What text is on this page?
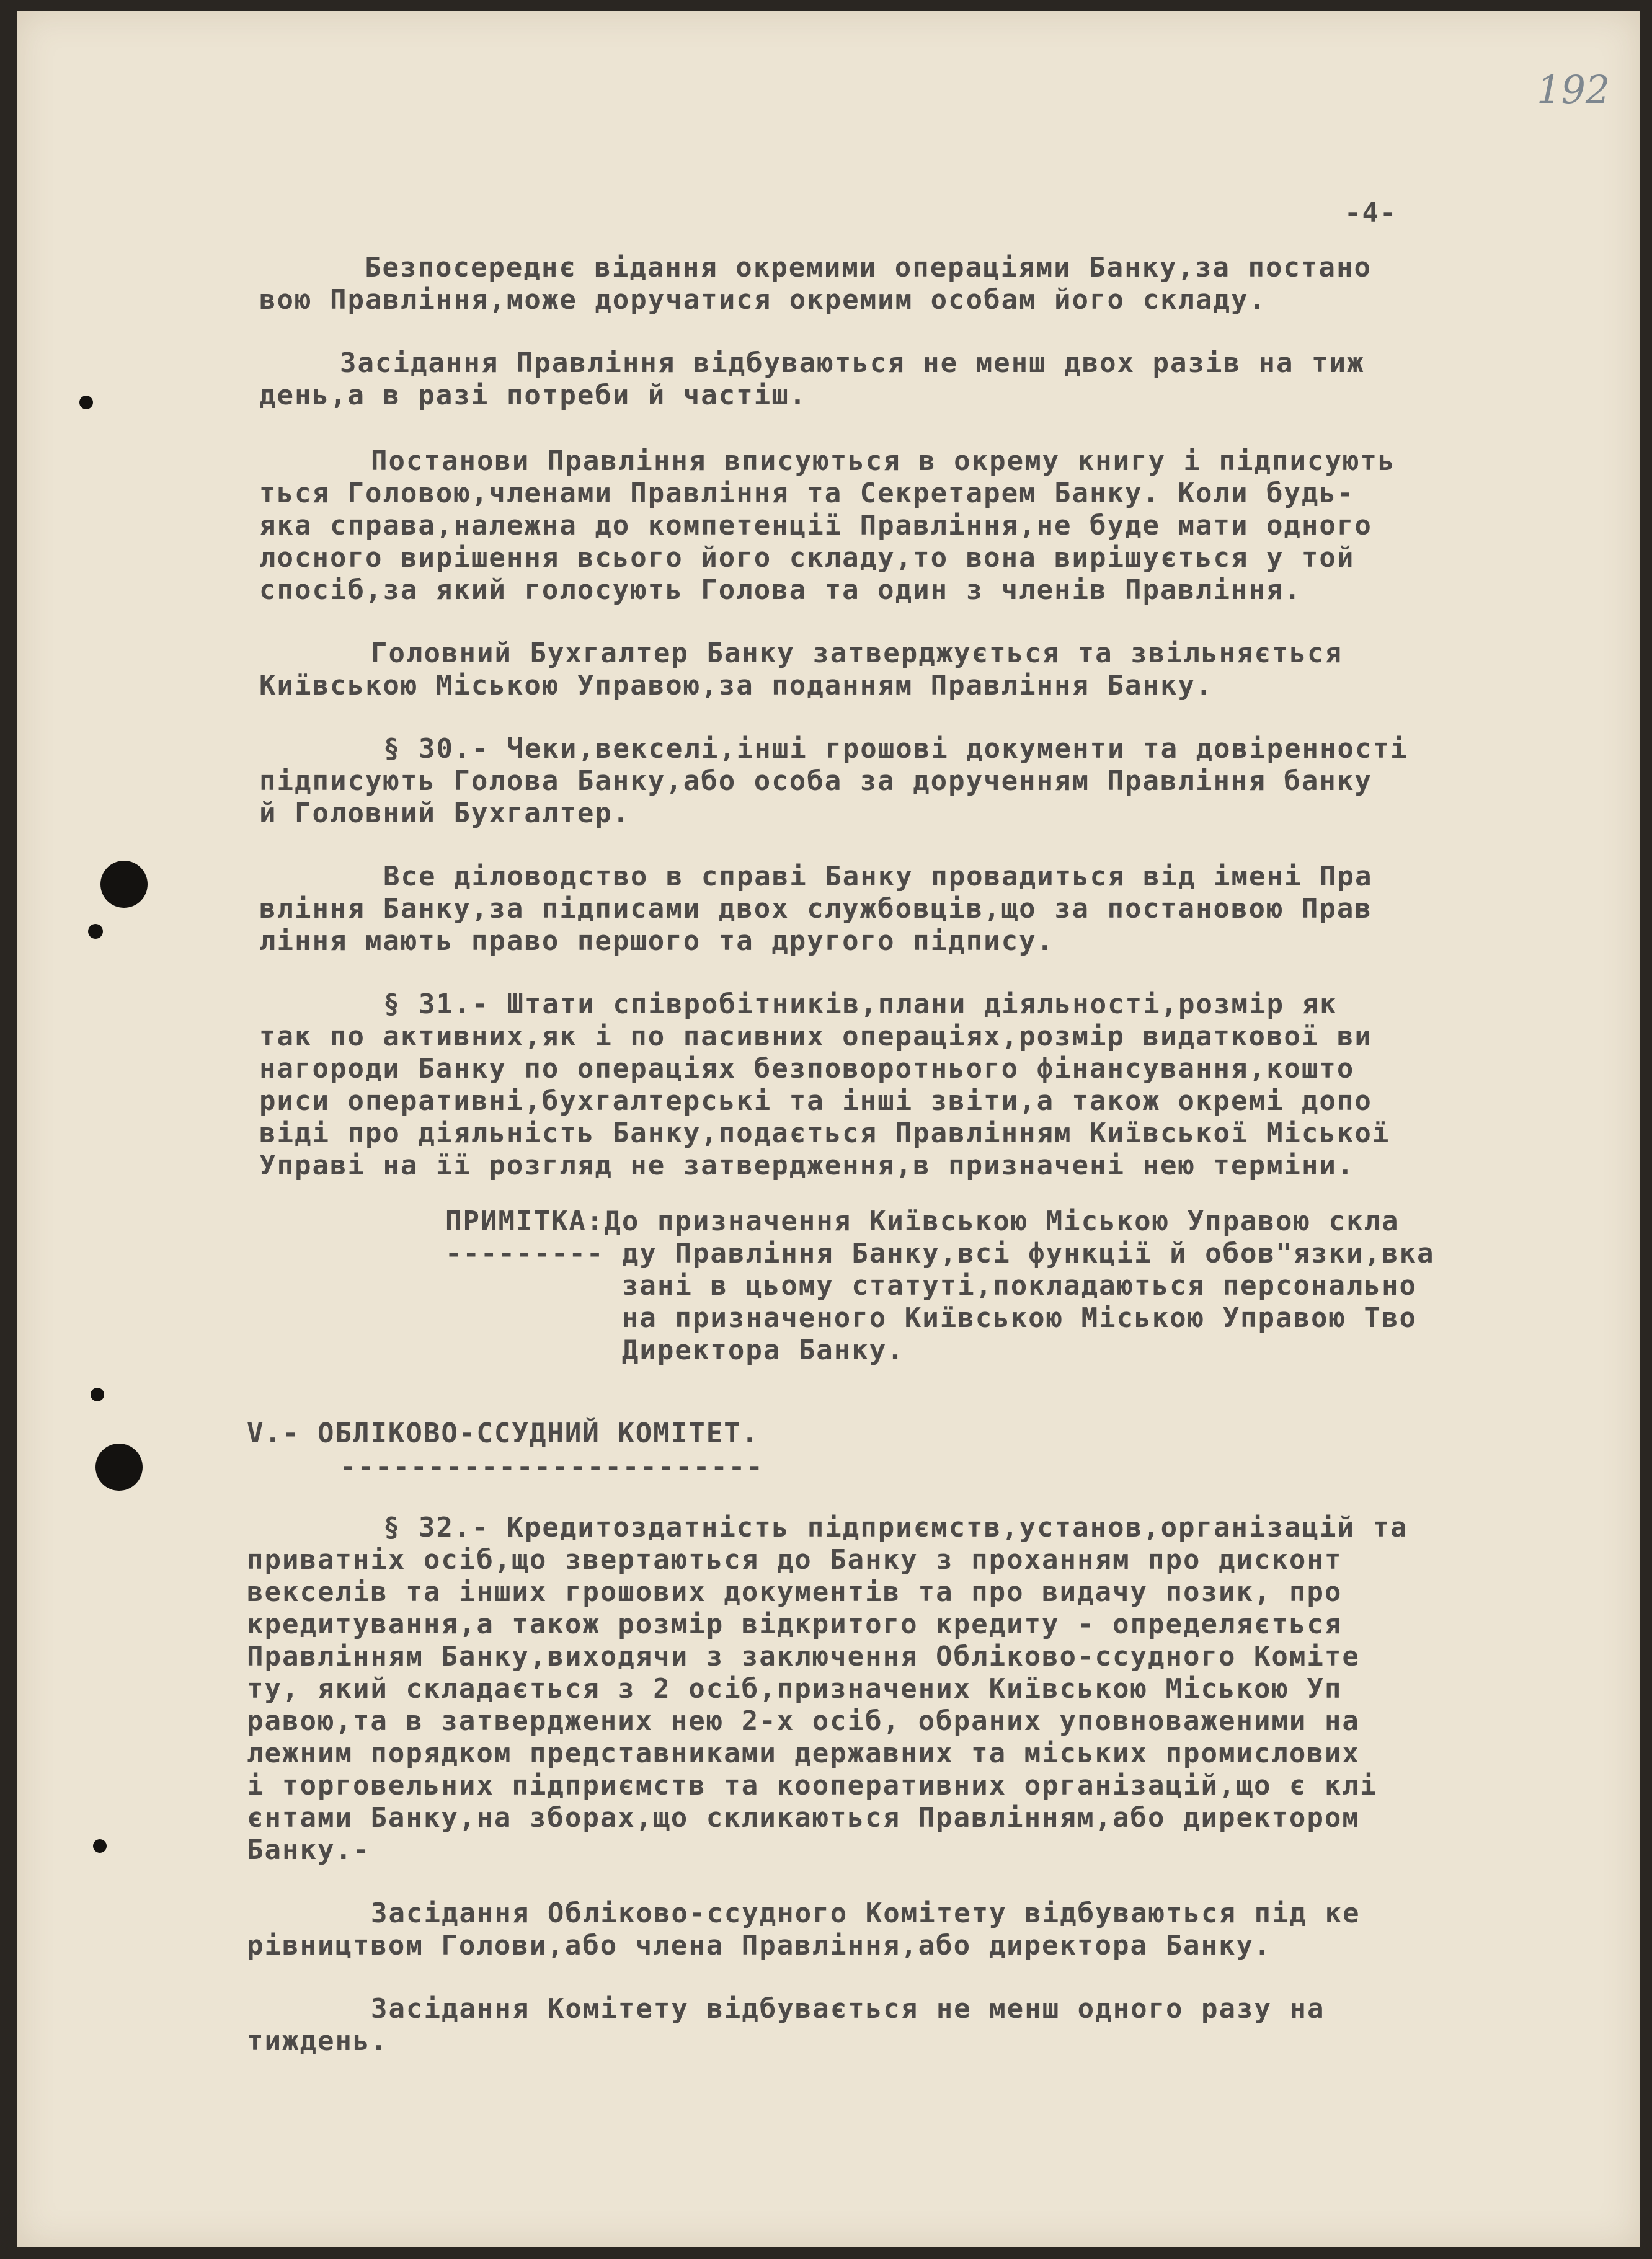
192
-4-
Безпосереднє відання окремими операціями Банку,за постано
вою Правління,може доручатися окремим особам його складу.
Засідання Правління відбуваються не менш двох разів на тиж
день,а в разі потреби й частіш.
Постанови Правління вписуються в окрему книгу і підписують
ться Головою,членами Правління та Секретарем Банку. Коли будь-
яка справа,належна до компетенції Правління,не буде мати одного
лосного вирішення всього його складу,то вона вирішується у той
спосіб,за який голосують Голова та один з членів Правління.
Головний Бухгалтер Банку затверджується та звільняється
Київською Міською Управою,за поданням Правління Банку.
§ 30.- Чеки,векселі,інші грошові документи та довіренності
підписують Голова Банку,або особа за дорученням Правління банку
й Головний Бухгалтер.
Все діловодство в справі Банку провадиться від імені Пра
вління Банку,за підписами двох службовців,що за постановою Прав
ління мають право першого та другого підпису.
§ 31.- Штати співробітників,плани діяльності,розмір як
так по активних,як і по пасивних операціях,розмір видаткової ви
нагороди Банку по операціях безповоротнього фінансування,кошто
риси оперативні,бухгалтерські та інші звіти,а також окремі допо
віді про діяльність Банку,подається Правлінням Київської Міської
Управі на її розгляд не затвердження,в призначені нею терміни.
ПРИМІТКА:До призначення Київською Міською Управою скла
--------- ду Правління Банку,всі функції й обов"язки,вка
зані в цьому статуті,покладаються персонально
на призначеного Київською Міською Управою Тво
Директора Банку.
V.- ОБЛІКОВО-ССУДНИЙ КОМІТЕТ.
------------------------
§ 32.- Кредитоздатність підприємств,установ,організацій та
приватніх осіб,що звертаються до Банку з проханням про дисконт
векселів та інших грошових документів та про видачу позик, про
кредитування,а також розмір відкритого кредиту - определяється
Правлінням Банку,виходячи з заключення Обліково-ссудного Коміте
ту, який складається з 2 осіб,призначених Київською Міською Уп
равою,та в затверджених нею 2-х осіб, обраних уповноваженими на
лежним порядком представниками державних та міських промислових
і торговельних підприємств та кооперативних організацій,що є клі
єнтами Банку,на зборах,що скликаються Правлінням,або директором
Банку.-
Засідання Обліково-ссудного Комітету відбуваються під ке
рівництвом Голови,або члена Правління,або директора Банку.
Засідання Комітету відбувається не менш одного разу на
тиждень.
